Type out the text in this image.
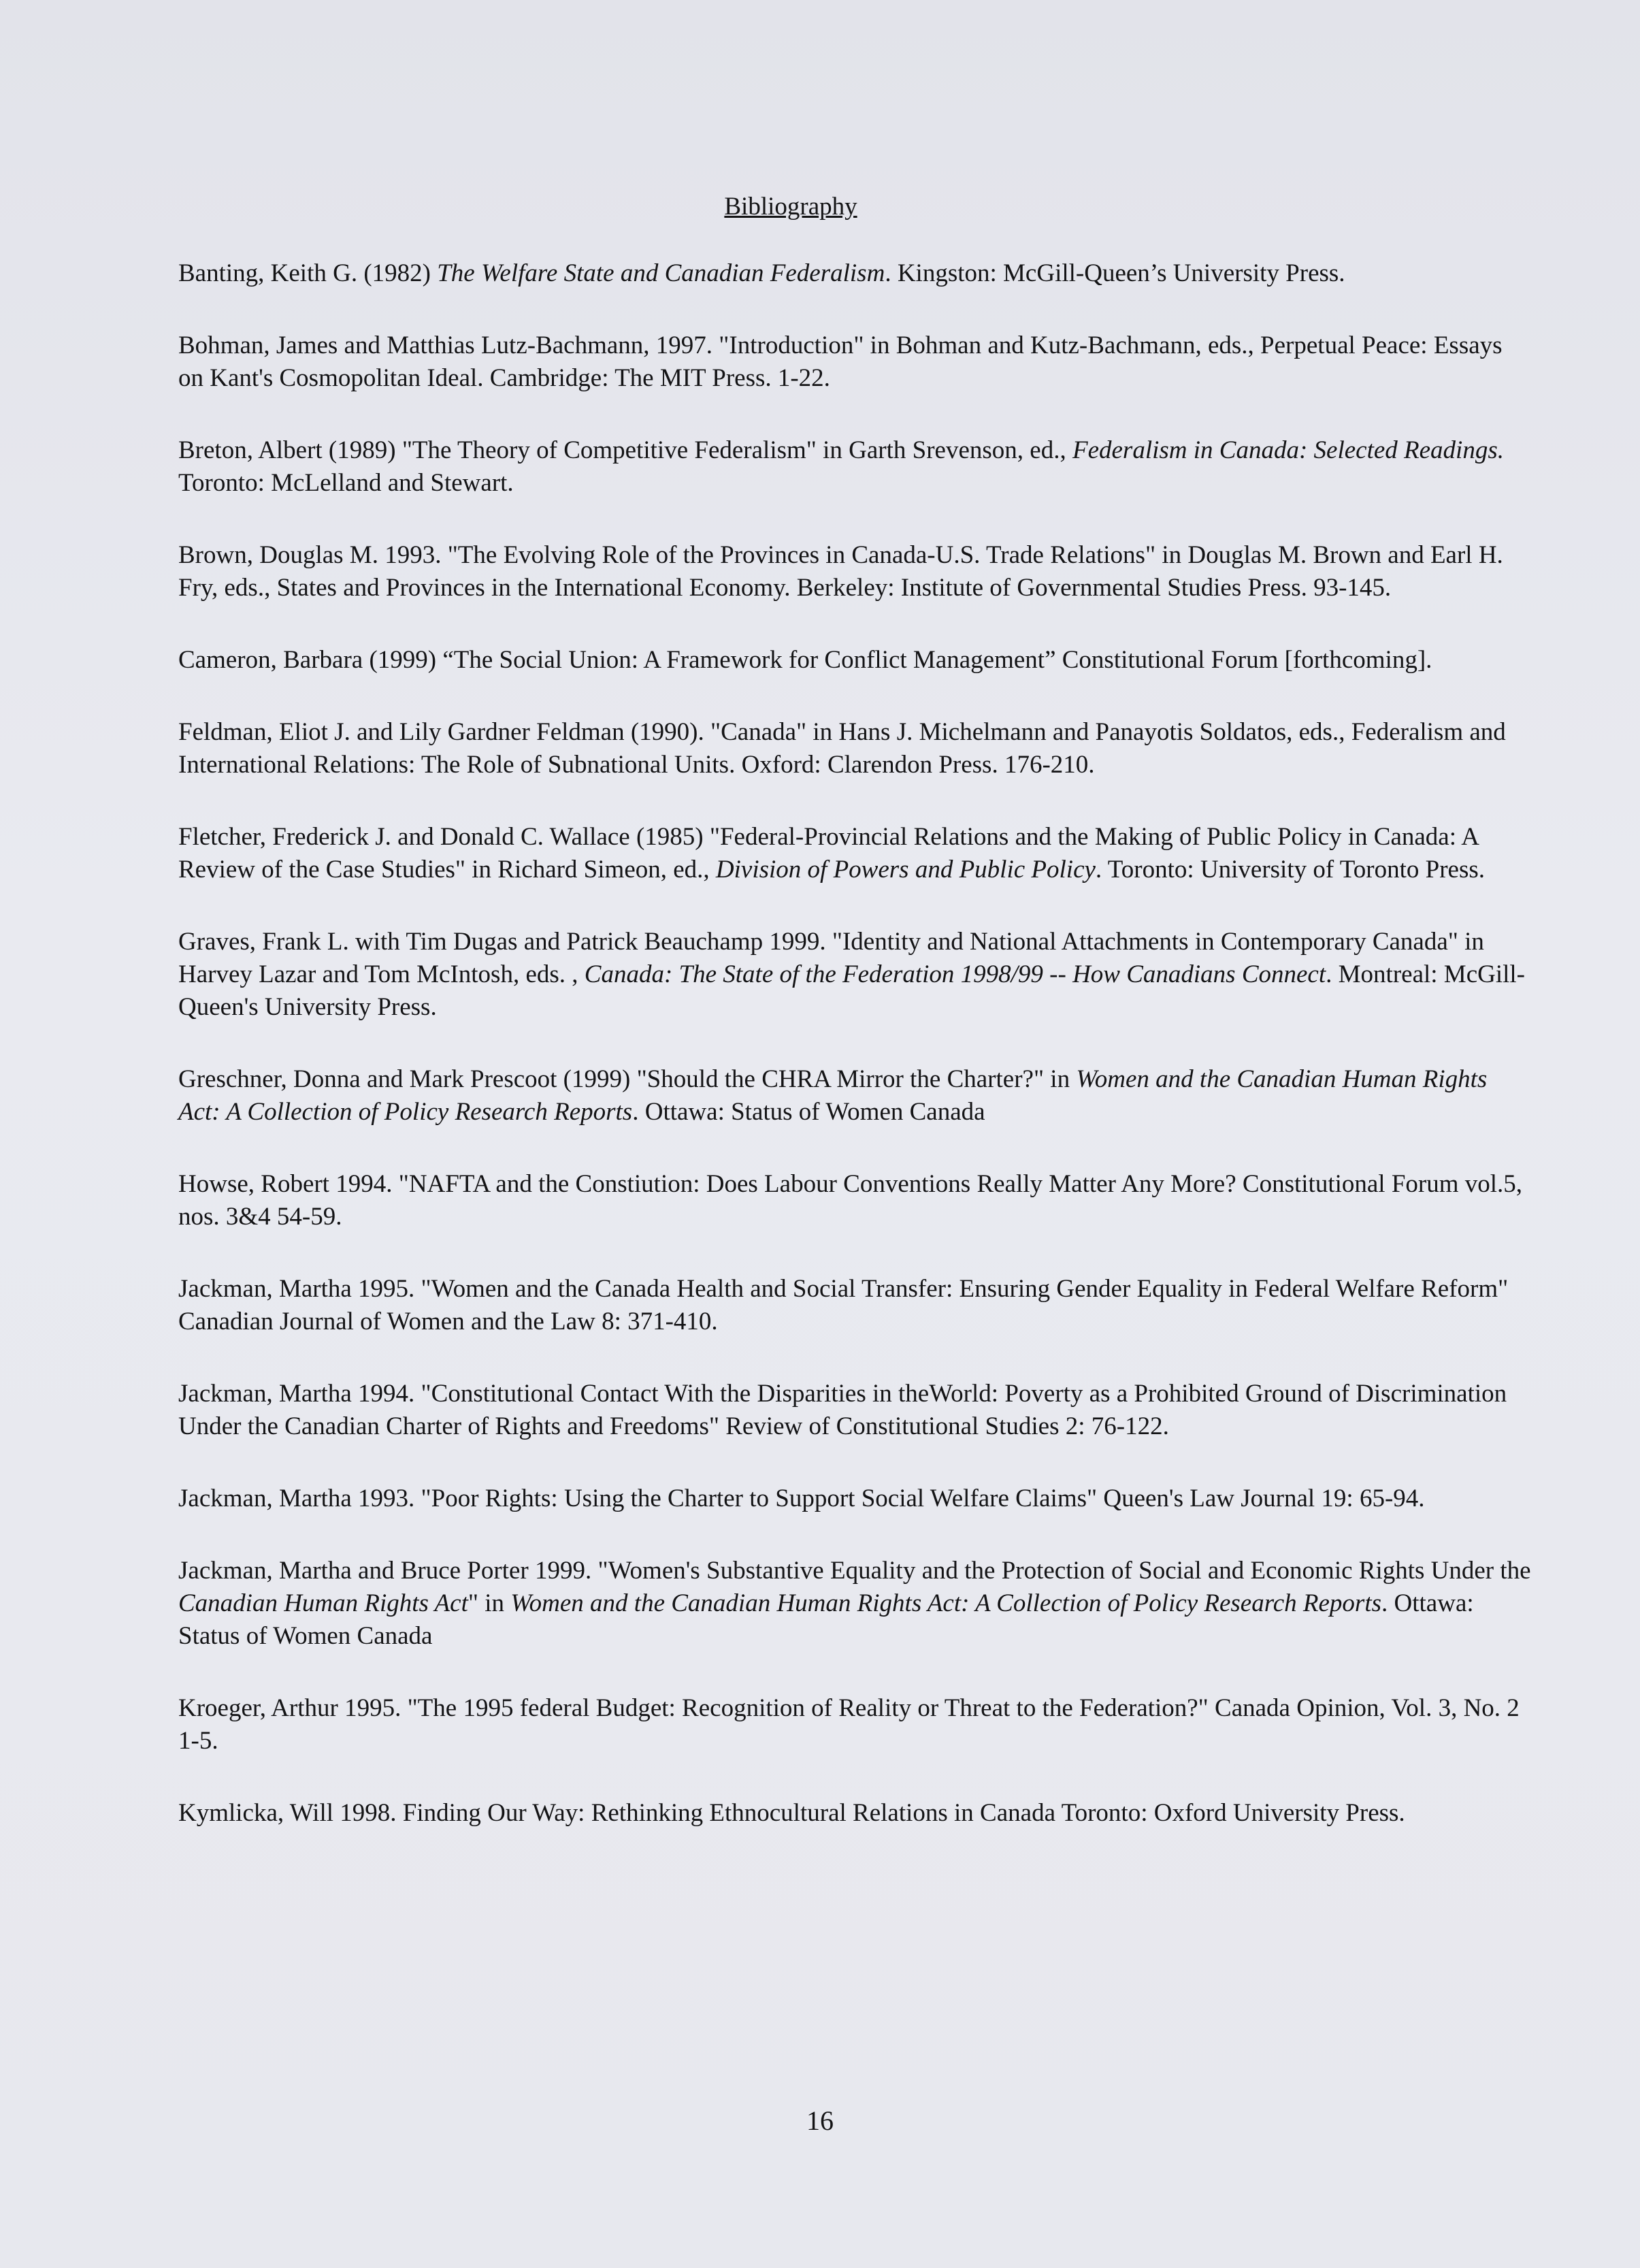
Bibliography
Banting, Keith G. (1982) The Welfare State and Canadian Federalism. Kingston: McGill-Queen’s University Press.
Bohman, James and Matthias Lutz-Bachmann, 1997. "Introduction" in Bohman and Kutz-Bachmann, eds., Perpetual Peace: Essays on Kant's Cosmopolitan Ideal. Cambridge: The MIT Press. 1-22.
Breton, Albert (1989) "The Theory of Competitive Federalism" in Garth Srevenson, ed., Federalism in Canada: Selected Readings. Toronto: McLelland and Stewart.
Brown, Douglas M. 1993. "The Evolving Role of the Provinces in Canada-U.S. Trade Relations" in Douglas M. Brown and Earl H. Fry, eds., States and Provinces in the International Economy. Berkeley: Institute of Governmental Studies Press. 93-145.
Cameron, Barbara (1999) “The Social Union: A Framework for Conflict Management” Constitutional Forum [forthcoming].
Feldman, Eliot J. and Lily Gardner Feldman (1990). "Canada" in Hans J. Michelmann and Panayotis Soldatos, eds., Federalism and International Relations: The Role of Subnational Units. Oxford: Clarendon Press. 176-210.
Fletcher, Frederick J. and Donald C. Wallace (1985) "Federal-Provincial Relations and the Making of Public Policy in Canada: A Review of the Case Studies" in Richard Simeon, ed., Division of Powers and Public Policy. Toronto: University of Toronto Press.
Graves, Frank L. with Tim Dugas and Patrick Beauchamp 1999. "Identity and National Attachments in Contemporary Canada" in Harvey Lazar and Tom McIntosh, eds. , Canada: The State of the Federation 1998/99 -- How Canadians Connect. Montreal: McGill-Queen's University Press.
Greschner, Donna and Mark Prescoot (1999) "Should the CHRA Mirror the Charter?" in Women and the Canadian Human Rights Act: A Collection of Policy Research Reports. Ottawa: Status of Women Canada
Howse, Robert 1994. "NAFTA and the Constiution: Does Labour Conventions Really Matter Any More? Constitutional Forum vol.5, nos. 3&4 54-59.
Jackman, Martha 1995. "Women and the Canada Health and Social Transfer: Ensuring Gender Equality in Federal Welfare Reform" Canadian Journal of Women and the Law 8: 371-410.
Jackman, Martha 1994. "Constitutional Contact With the Disparities in theWorld: Poverty as a Prohibited Ground of Discrimination Under the Canadian Charter of Rights and Freedoms" Review of Constitutional Studies 2: 76-122.
Jackman, Martha 1993. "Poor Rights: Using the Charter to Support Social Welfare Claims" Queen's Law Journal 19: 65-94.
Jackman, Martha and Bruce Porter 1999. "Women's Substantive Equality and the Protection of Social and Economic Rights Under the Canadian Human Rights Act" in Women and the Canadian Human Rights Act: A Collection of Policy Research Reports. Ottawa: Status of Women Canada
Kroeger, Arthur 1995. "The 1995 federal Budget: Recognition of Reality or Threat to the Federation?" Canada Opinion, Vol. 3, No. 2 1-5.
Kymlicka, Will 1998. Finding Our Way: Rethinking Ethnocultural Relations in Canada Toronto: Oxford University Press.
16
